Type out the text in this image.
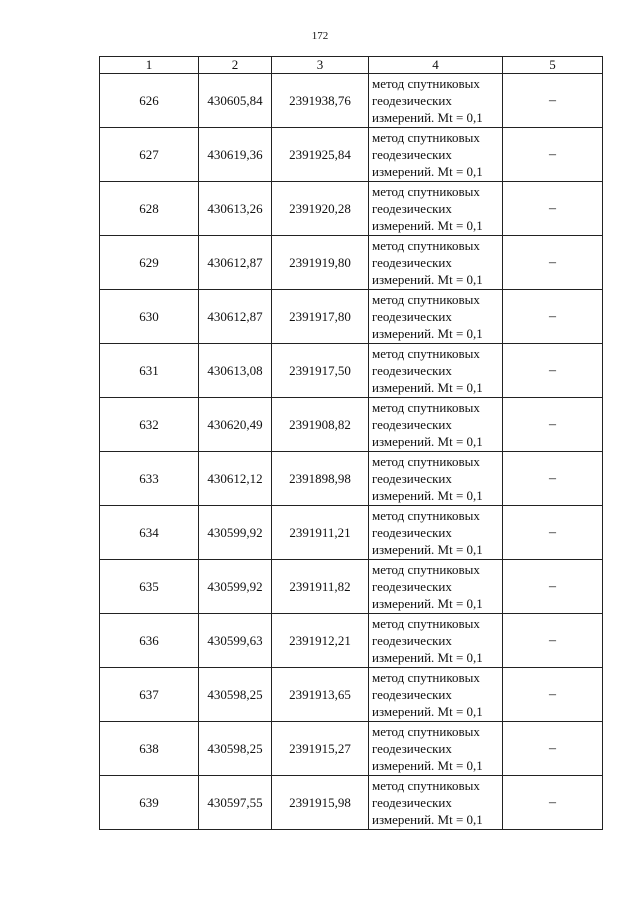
172
1	2	3	4	5
626	430605,84	2391938,76	метод спутниковых
геодезических
измерений. Mt = 0,1	–
627	430619,36	2391925,84	метод спутниковых
геодезических
измерений. Mt = 0,1	–
628	430613,26	2391920,28	метод спутниковых
геодезических
измерений. Mt = 0,1	–
629	430612,87	2391919,80	метод спутниковых
геодезических
измерений. Mt = 0,1	–
630	430612,87	2391917,80	метод спутниковых
геодезических
измерений. Mt = 0,1	–
631	430613,08	2391917,50	метод спутниковых
геодезических
измерений. Mt = 0,1	–
632	430620,49	2391908,82	метод спутниковых
геодезических
измерений. Mt = 0,1	–
633	430612,12	2391898,98	метод спутниковых
геодезических
измерений. Mt = 0,1	–
634	430599,92	2391911,21	метод спутниковых
геодезических
измерений. Mt = 0,1	–
635	430599,92	2391911,82	метод спутниковых
геодезических
измерений. Mt = 0,1	–
636	430599,63	2391912,21	метод спутниковых
геодезических
измерений. Mt = 0,1	–
637	430598,25	2391913,65	метод спутниковых
геодезических
измерений. Mt = 0,1	–
638	430598,25	2391915,27	метод спутниковых
геодезических
измерений. Mt = 0,1	–
639	430597,55	2391915,98	метод спутниковых
геодезических
измерений. Mt = 0,1	–
